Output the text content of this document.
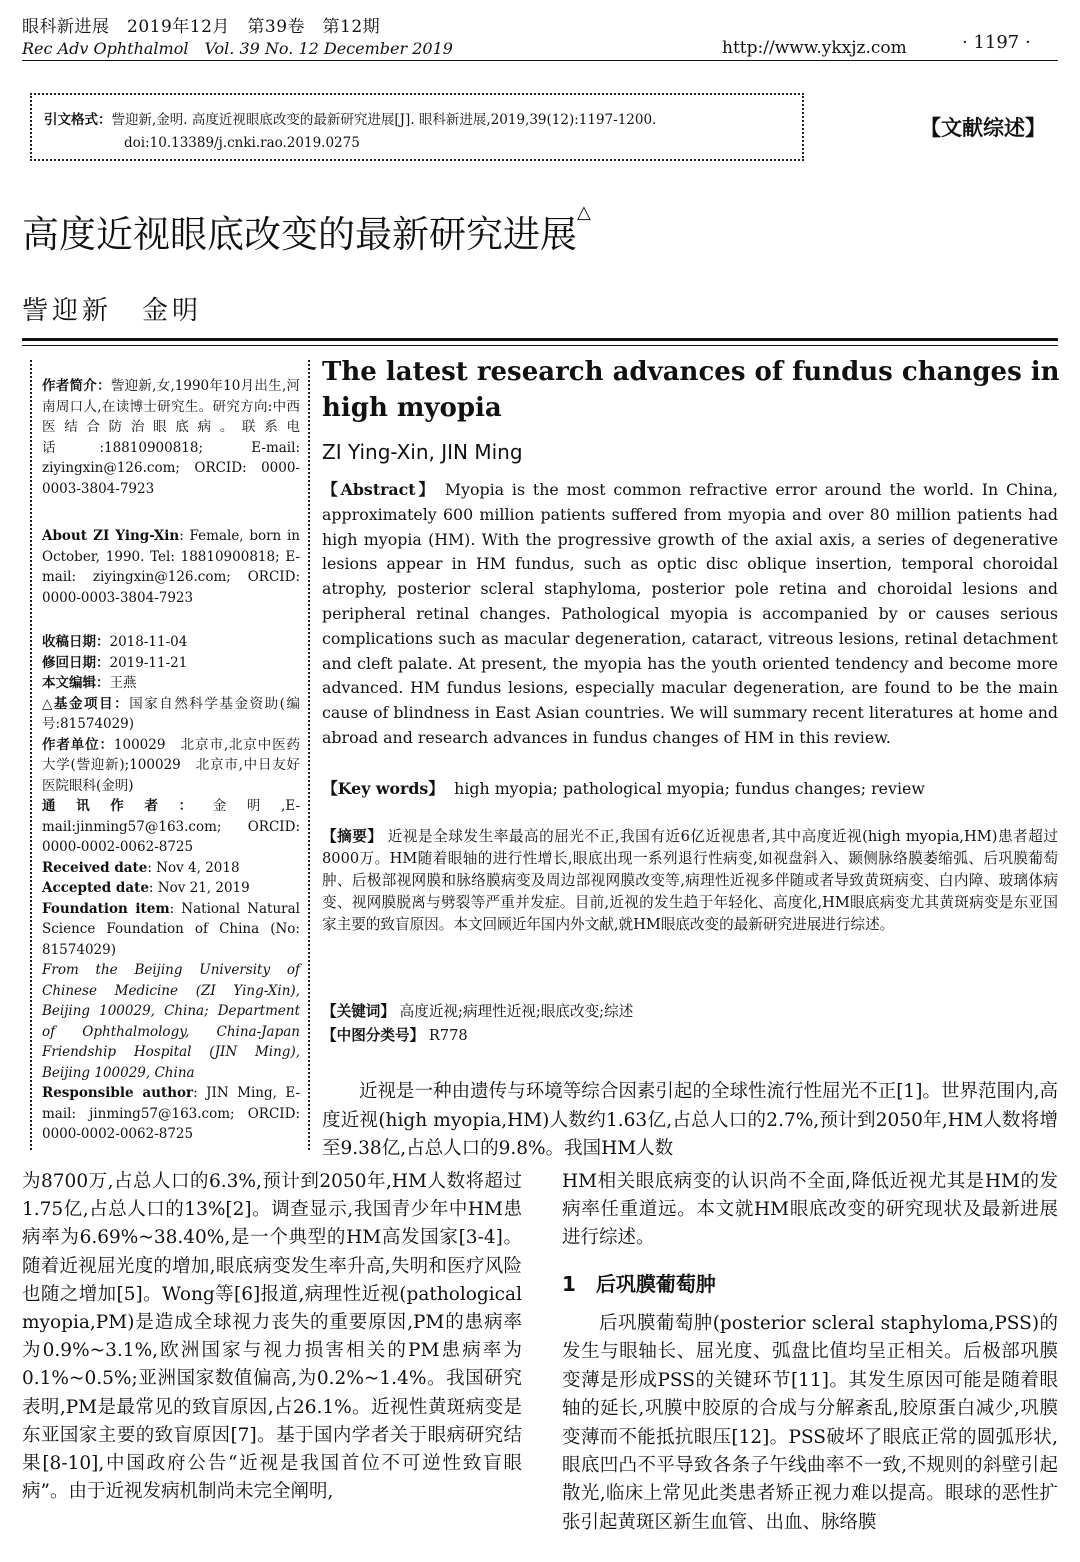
眼科新进展　2019年12月　第39卷　第12期
Rec Adv Ophthalmol　Vol. 39 No. 12 December 2019	http://www.ykxjz.com	· 1197 ·
引文格式：訾迎新,金明. 高度近视眼底改变的最新研究进展[J]. 眼科新进展,2019,39(12):1197-1200.
doi:10.13389/j.cnki.rao.2019.0275
【文献综述】
高度近视眼底改变的最新研究进展△
訾迎新　金明

作者简介：訾迎新,女,1990年10月出生,河南周口人,在读博士研究生。研究方向:中西医结合防治眼底病。联系电话:18810900818; E-mail: ziyingxin@126.com; ORCID: 0000-0003-3804-7923

About ZI Ying-Xin: Female, born in October, 1990. Tel: 18810900818; E-mail: ziyingxin@126.com; ORCID: 0000-0003-3804-7923

收稿日期：2018-11-04

修回日期：2019-11-21

本文编辑：王燕

△基金项目：国家自然科学基金资助(编号:81574029)

作者单位：100029　北京市,北京中医药大学(訾迎新);100029　北京市,中日友好医院眼科(金明)

通讯作者：金明,E-mail:jinming57@163.com; ORCID: 0000-0002-0062-8725

Received date: Nov 4, 2018

Accepted date: Nov 21, 2019

Foundation item: National Natural Science Foundation of China (No: 81574029)

From the Beijing University of Chinese Medicine (ZI Ying-Xin), Beijing 100029, China; Department of Ophthalmology, China-Japan Friendship Hospital (JIN Ming), Beijing 100029, China

Responsible author: JIN Ming, E-mail: jinming57@163.com; ORCID: 0000-0002-0062-8725

The latest research advances of fundus changes in high myopia
ZI Ying-Xin, JIN Ming
【Abstract】 Myopia is the most common refractive error around the world. In China, approximately 600 million patients suffered from myopia and over 80 million patients had high myopia (HM). With the progressive growth of the axial axis, a series of degenerative lesions appear in HM fundus, such as optic disc oblique insertion, temporal choroidal atrophy, posterior scleral staphyloma, posterior pole retina and choroidal lesions and peripheral retinal changes. Pathological myopia is accompanied by or causes serious complications such as macular degeneration, cataract, vitreous lesions, retinal detachment and cleft palate. At present, the myopia has the youth oriented tendency and become more advanced. HM fundus lesions, especially macular degeneration, are found to be the main cause of blindness in East Asian countries. We will summary recent literatures at home and abroad and research advances in fundus changes of HM in this review.
【Key words】 high myopia; pathological myopia; fundus changes; review
【摘要】 近视是全球发生率最高的屈光不正,我国有近6亿近视患者,其中高度近视(high myopia,HM)患者超过8000万。HM随着眼轴的进行性增长,眼底出现一系列退行性病变,如视盘斜入、颞侧脉络膜萎缩弧、后巩膜葡萄肿、后极部视网膜和脉络膜病变及周边部视网膜改变等,病理性近视多伴随或者导致黄斑病变、白内障、玻璃体病变、视网膜脱离与劈裂等严重并发症。目前,近视的发生趋于年轻化、高度化,HM眼底病变尤其黄斑病变是东亚国家主要的致盲原因。本文回顾近年国内外文献,就HM眼底改变的最新研究进展进行综述。
【关键词】 高度近视;病理性近视;眼底改变;综述
【中图分类号】 R778
近视是一种由遗传与环境等综合因素引起的全球性流行性屈光不正[1]。世界范围内,高度近视(high myopia,HM)人数约1.63亿,占总人口的2.7%,预计到2050年,HM人数将增至9.38亿,占总人口的9.8%。我国HM人数
为8700万,占总人口的6.3%,预计到2050年,HM人数将超过1.75亿,占总人口的13%[2]。调查显示,我国青少年中HM患病率为6.69%~38.40%,是一个典型的HM高发国家[3-4]。随着近视屈光度的增加,眼底病变发生率升高,失明和医疗风险也随之增加[5]。Wong等[6]报道,病理性近视(pathological myopia,PM)是造成全球视力丧失的重要原因,PM的患病率为0.9%~3.1%,欧洲国家与视力损害相关的PM患病率为0.1%~0.5%;亚洲国家数值偏高,为0.2%~1.4%。我国研究表明,PM是最常见的致盲原因,占26.1%。近视性黄斑病变是东亚国家主要的致盲原因[7]。基于国内学者关于眼病研究结果[8-10],中国政府公告“近视是我国首位不可逆性致盲眼病”。由于近视发病机制尚未完全阐明,
HM相关眼底病变的认识尚不全面,降低近视尤其是HM的发病率任重道远。本文就HM眼底改变的研究现状及最新进展进行综述。
1　后巩膜葡萄肿
后巩膜葡萄肿(posterior scleral staphyloma,PSS)的发生与眼轴长、屈光度、弧盘比值均呈正相关。后极部巩膜变薄是形成PSS的关键环节[11]。其发生原因可能是随着眼轴的延长,巩膜中胶原的合成与分解紊乱,胶原蛋白减少,巩膜变薄而不能抵抗眼压[12]。PSS破坏了眼底正常的圆弧形状,眼底凹凸不平导致各条子午线曲率不一致,不规则的斜壁引起散光,临床上常见此类患者矫正视力难以提高。眼球的恶性扩张引起黄斑区新生血管、出血、脉络膜
